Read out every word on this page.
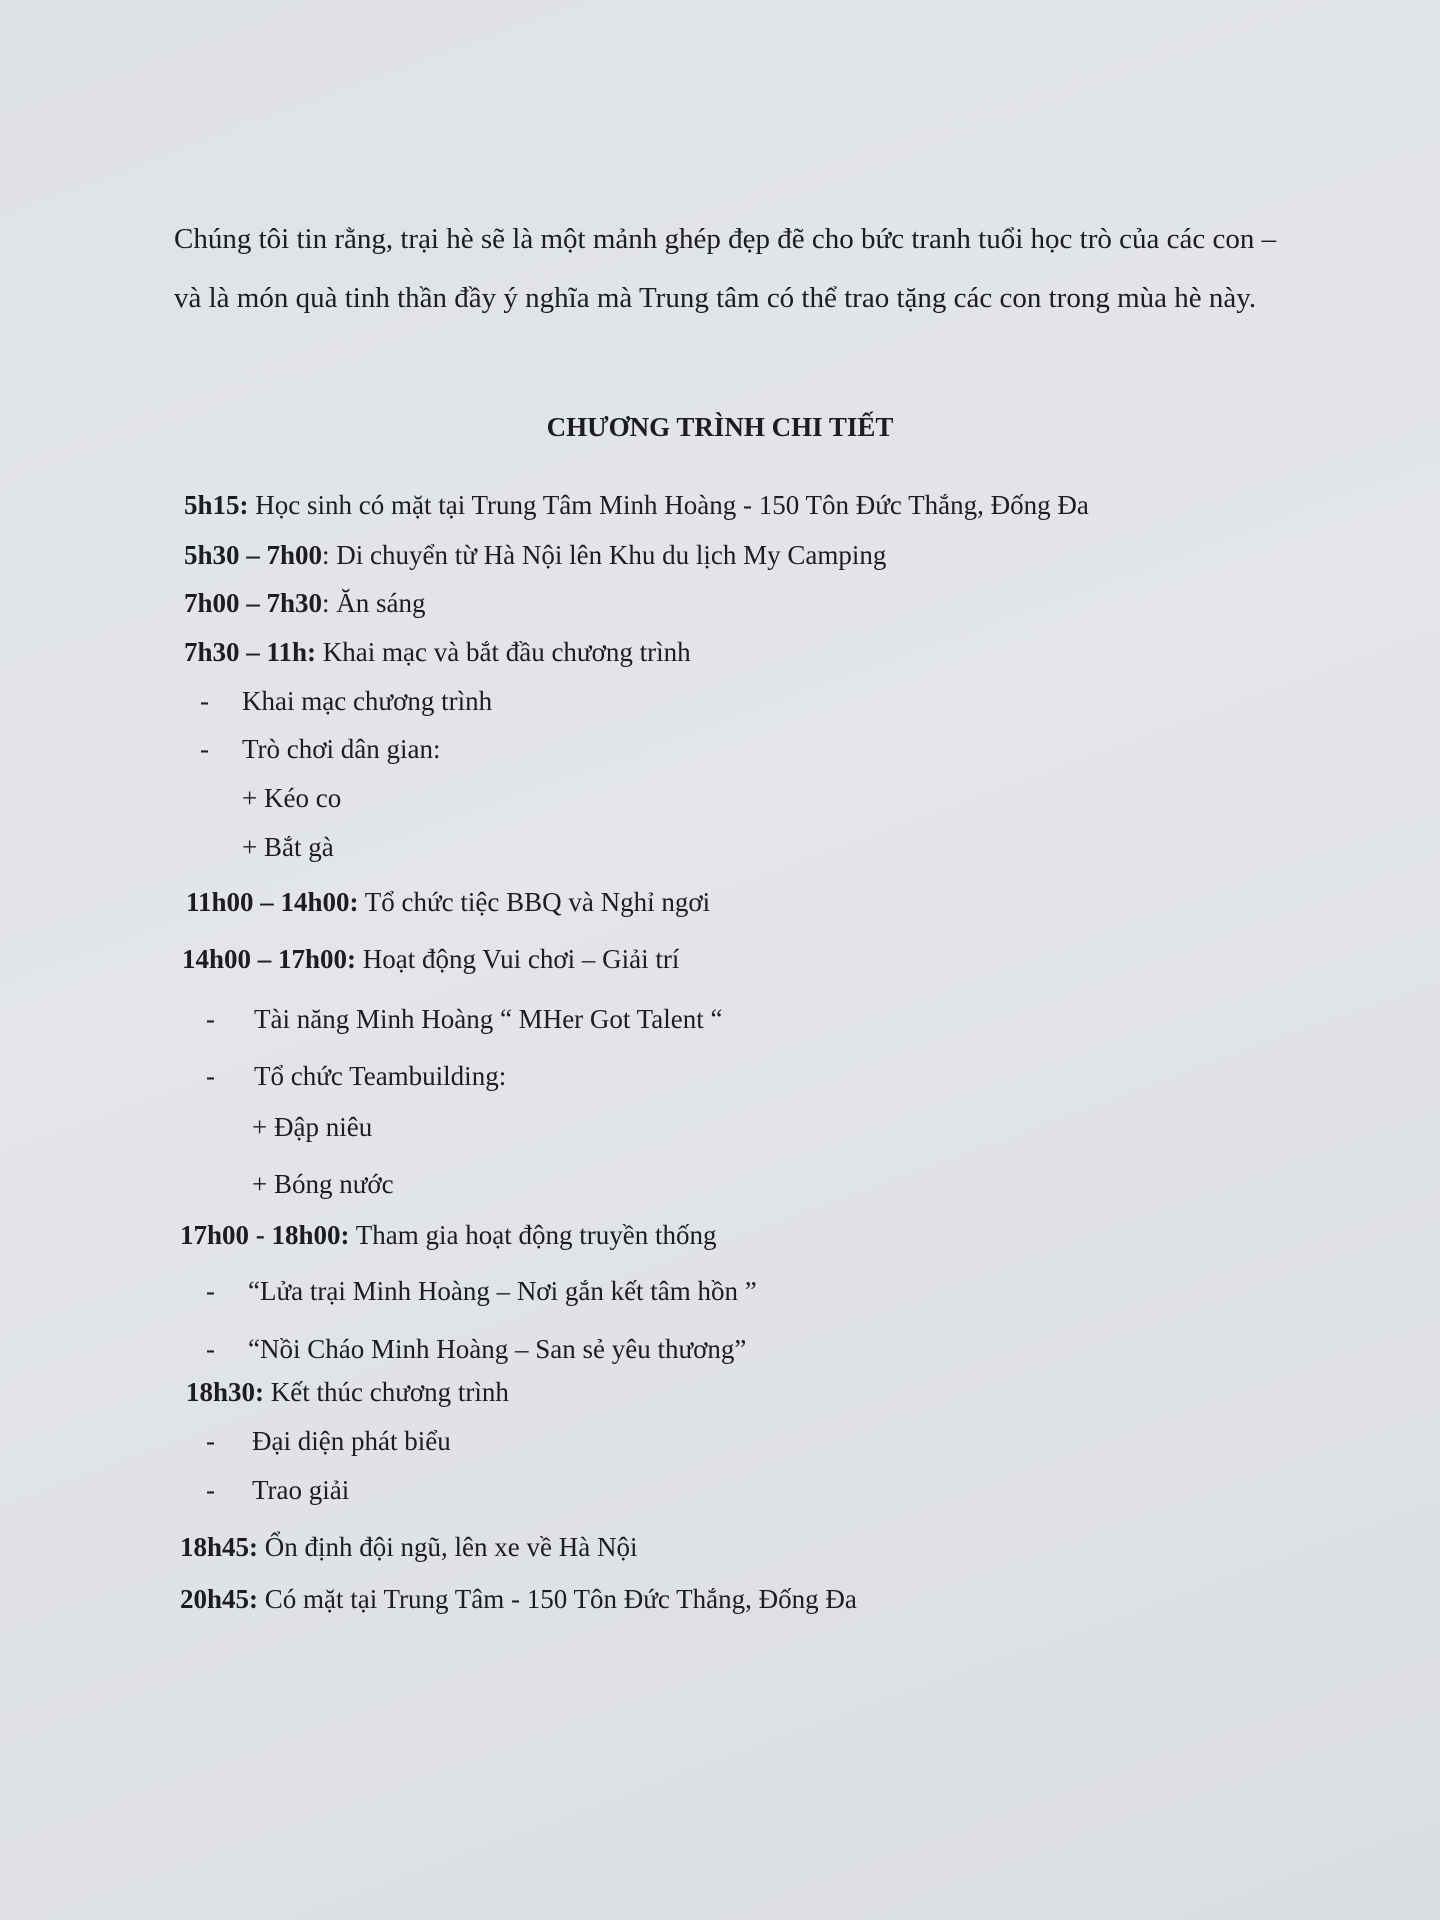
Chúng tôi tin rằng, trại hè sẽ là một mảnh ghép đẹp đẽ cho bức tranh tuổi học trò của các con – và là món quà tinh thần đầy ý nghĩa mà Trung tâm có thể trao tặng các con trong mùa hè này.

CHƯƠNG TRÌNH CHI TIẾT

5h15: Học sinh có mặt tại Trung Tâm Minh Hoàng - 150 Tôn Đức Thắng, Đống Đa
5h30 – 7h00: Di chuyển từ Hà Nội lên Khu du lịch My Camping
7h00 – 7h30: Ăn sáng
7h30 – 11h: Khai mạc và bắt đầu chương trình
- Khai mạc chương trình
- Trò chơi dân gian:
+ Kéo co
+ Bắt gà
11h00 – 14h00: Tổ chức tiệc BBQ và Nghỉ ngơi
14h00 – 17h00: Hoạt động Vui chơi – Giải trí
- Tài năng Minh Hoàng “ MHer Got Talent “
- Tổ chức Teambuilding:
+ Đập niêu
+ Bóng nước
17h00 - 18h00: Tham gia hoạt động truyền thống
- “Lửa trại Minh Hoàng – Nơi gắn kết tâm hồn ”
- “Nồi Cháo Minh Hoàng – San sẻ yêu thương”
18h30: Kết thúc chương trình
- Đại diện phát biểu
- Trao giải
18h45: Ổn định đội ngũ, lên xe về Hà Nội
20h45: Có mặt tại Trung Tâm - 150 Tôn Đức Thắng, Đống Đa
